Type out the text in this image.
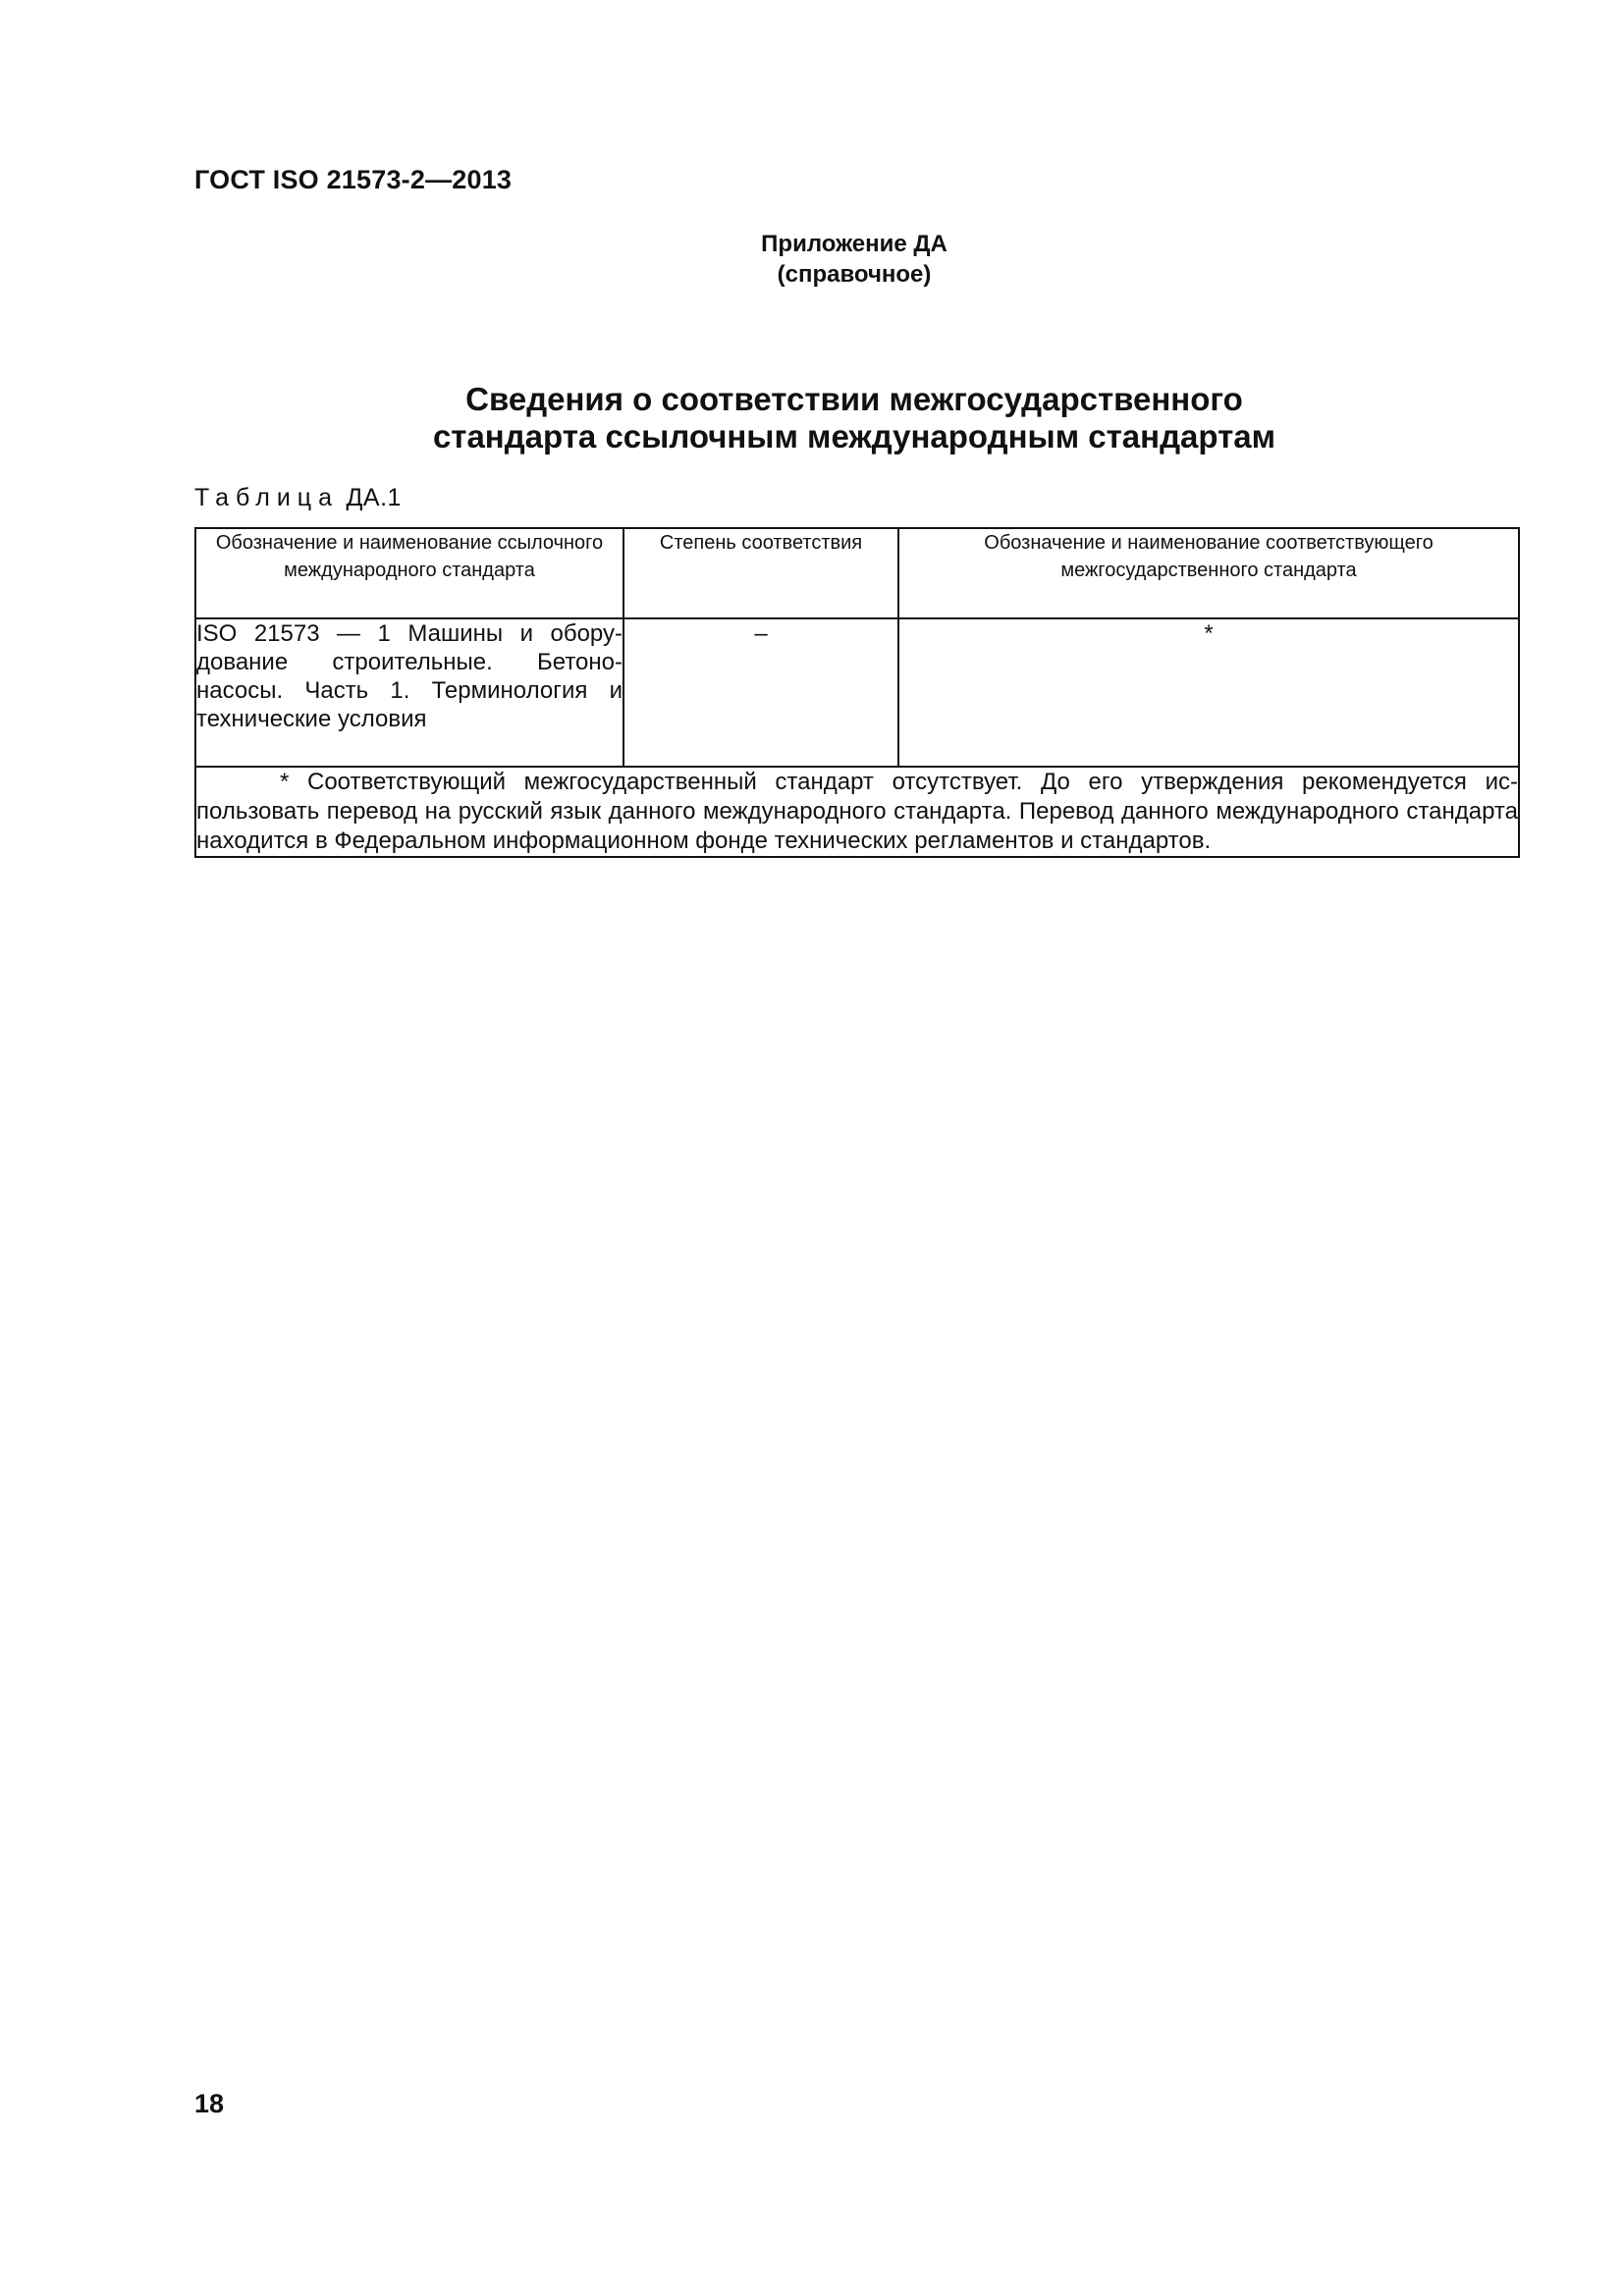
ГОСТ ISO 21573-2—2013
Приложение ДА
(справочное)
Сведения о соответствии межгосударственного
стандарта ссылочным международным стандартам
Таблица ДА.1
Обозначение и наименование ссылочного международного стандарта	Степень соответствия	Обозначение и наименование соответствующего межгосударственного стандарта
ISO 21573 — 1 Машины и оборудование строительные. Бетононасосы. Часть 1. Терминология и технические условия	–	*
* Соответствующий межгосударственный стандарт отсутствует. До его утверждения рекомендуется использовать перевод на русский язык данного международного стандарта. Перевод данного международного стандарта находится в Федеральном информационном фонде технических регламентов и стандартов.		
18
